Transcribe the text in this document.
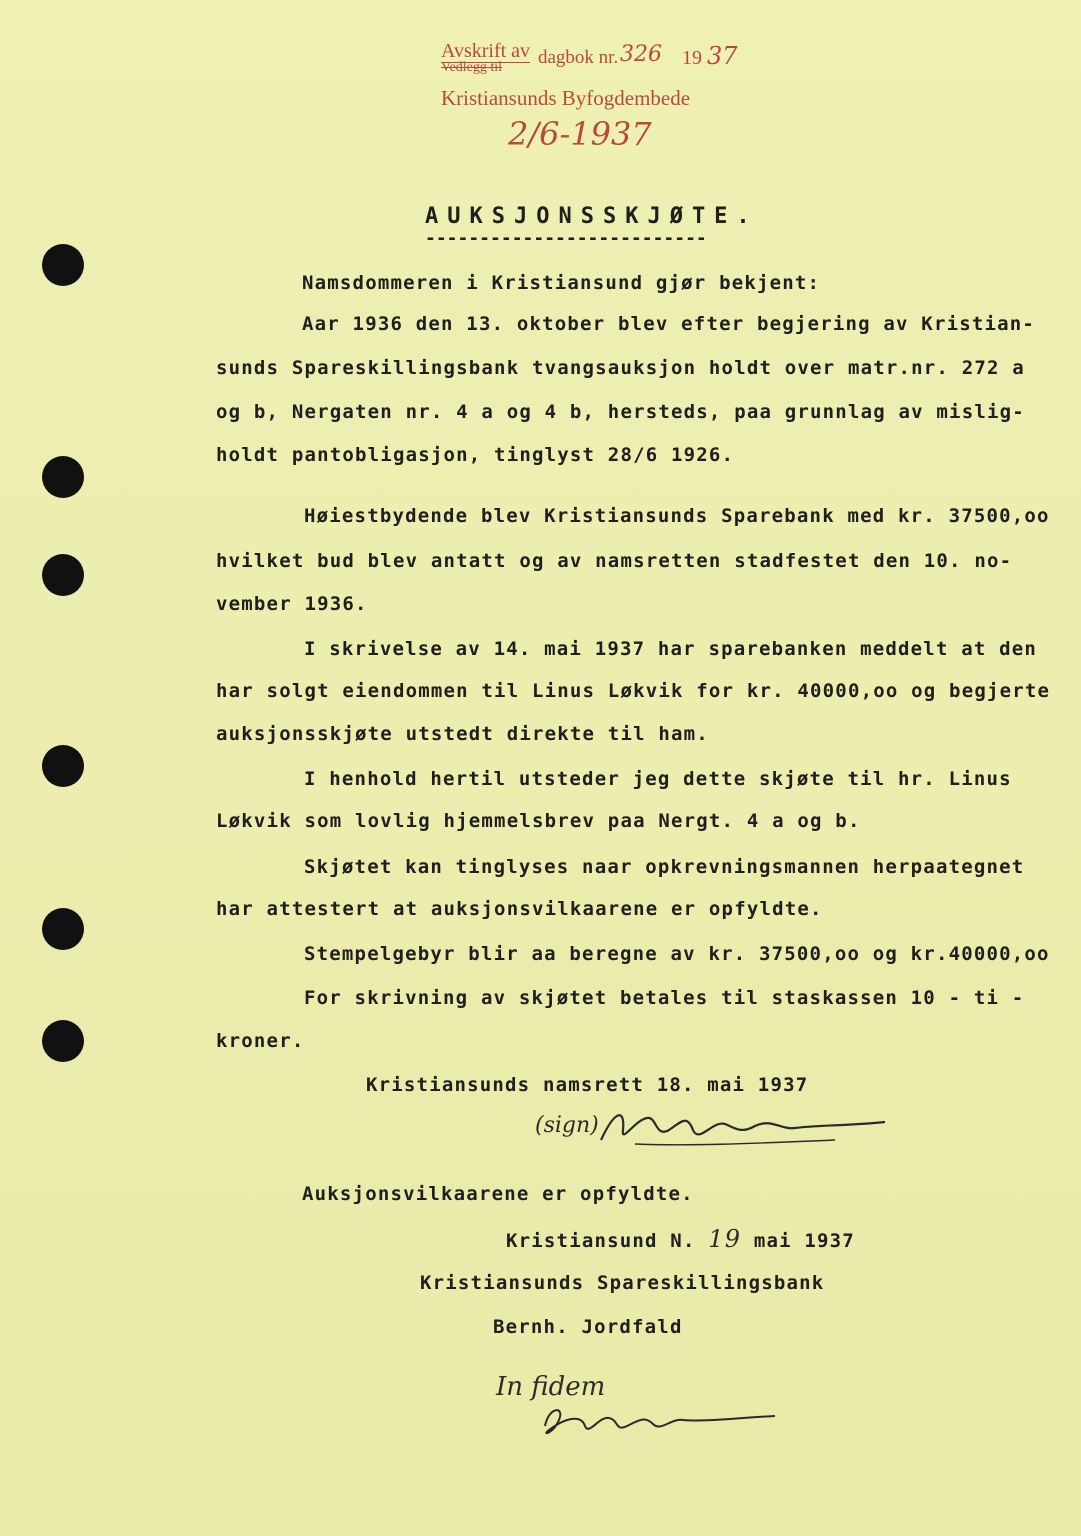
Avskrift av
Vedlegg til dagbok nr. 326 19 37
Kristiansunds Byfogdembede
2/6-1937
AUKSJONSSKJØTE.
--------------------------
Namsdommeren i Kristiansund gjør bekjent:
Aar 1936 den 13. oktober blev efter begjering av Kristian-
sunds Spareskillingsbank tvangsauksjon holdt over matr.nr. 272 a
og b, Nergaten nr. 4 a og 4 b, hersteds, paa grunnlag av mislig-
holdt pantobligasjon, tinglyst 28/6 1926.
Høiestbydende blev Kristiansunds Sparebank med kr. 37500,oo
hvilket bud blev antatt og av namsretten stadfestet den 10. no-
vember 1936.
I skrivelse av 14. mai 1937 har sparebanken meddelt at den
har solgt eiendommen til Linus Løkvik for kr. 40000,oo og begjerte
auksjonsskjøte utstedt direkte til ham.
I henhold hertil utsteder jeg dette skjøte til hr. Linus
Løkvik som lovlig hjemmelsbrev paa Nergt. 4 a og b.
Skjøtet kan tinglyses naar opkrevningsmannen herpaategnet
har attestert at auksjonsvilkaarene er opfyldte.
Stempelgebyr blir aa beregne av kr. 37500,oo og kr.40000,oo
For skrivning av skjøtet betales til staskassen 10 - ti -
kroner.
Kristiansunds namsrett 18. mai 1937
(sign)
Auksjonsvilkaarene er opfyldte.
Kristiansund N. 19 mai 1937
Kristiansunds Spareskillingsbank
Bernh. Jordfald
In fidem
